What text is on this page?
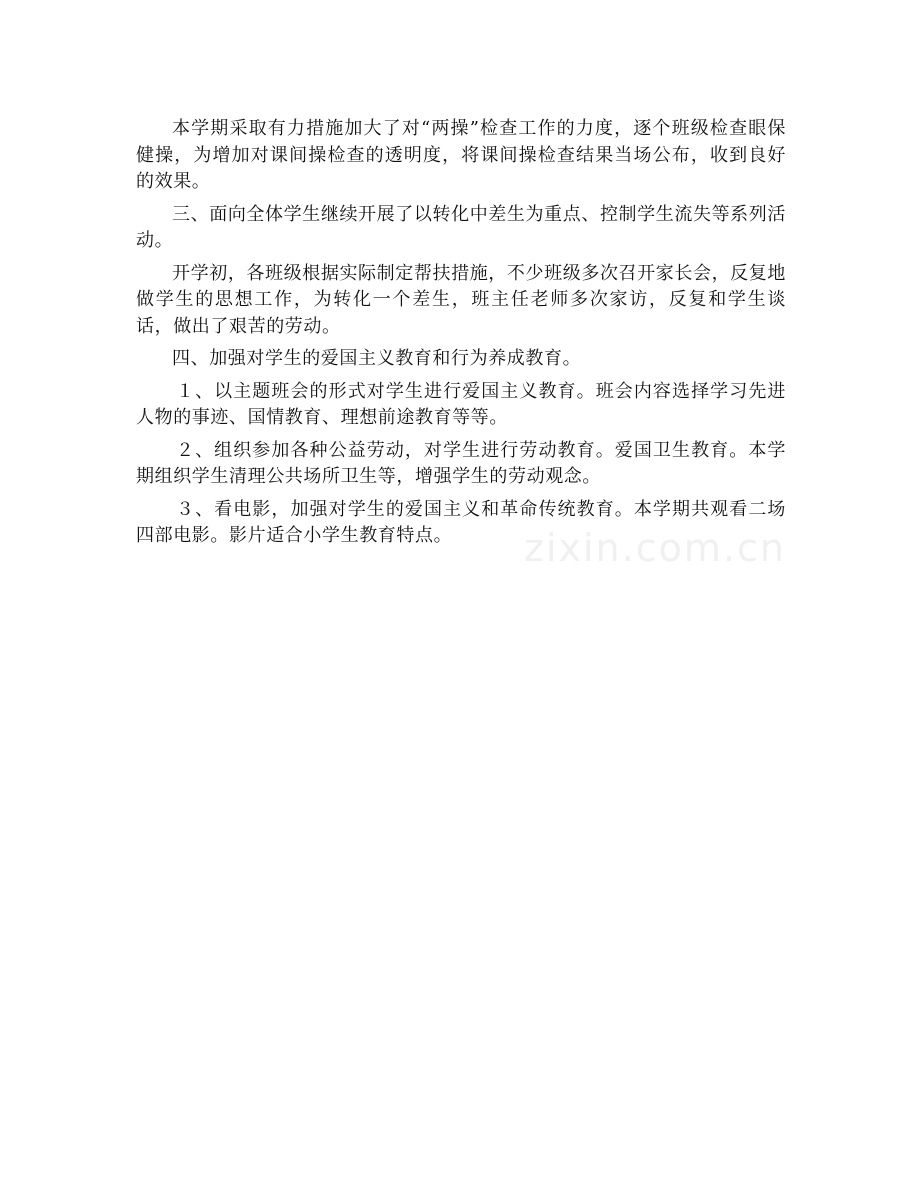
本学期采取有力措施加大了对“两操”检查工作的力度，逐个班级检查眼保健操，为增加对课间操检查的透明度，将课间操检查结果当场公布，收到良好的效果。

三、面向全体学生继续开展了以转化中差生为重点、控制学生流失等系列活动。

开学初，各班级根据实际制定帮扶措施，不少班级多次召开家长会，反复地做学生的思想工作，为转化一个差生，班主任老师多次家访，反复和学生谈话，做出了艰苦的劳动。

四、加强对学生的爱国主义教育和行为养成教育。

１、以主题班会的形式对学生进行爱国主义教育。班会内容选择学习先进人物的事迹、国情教育、理想前途教育等等。

２、组织参加各种公益劳动，对学生进行劳动教育。爱国卫生教育。本学期组织学生清理公共场所卫生等，增强学生的劳动观念。

３、看电影，加强对学生的爱国主义和革命传统教育。本学期共观看二场四部电影。影片适合小学生教育特点。	zixin.com.cn
